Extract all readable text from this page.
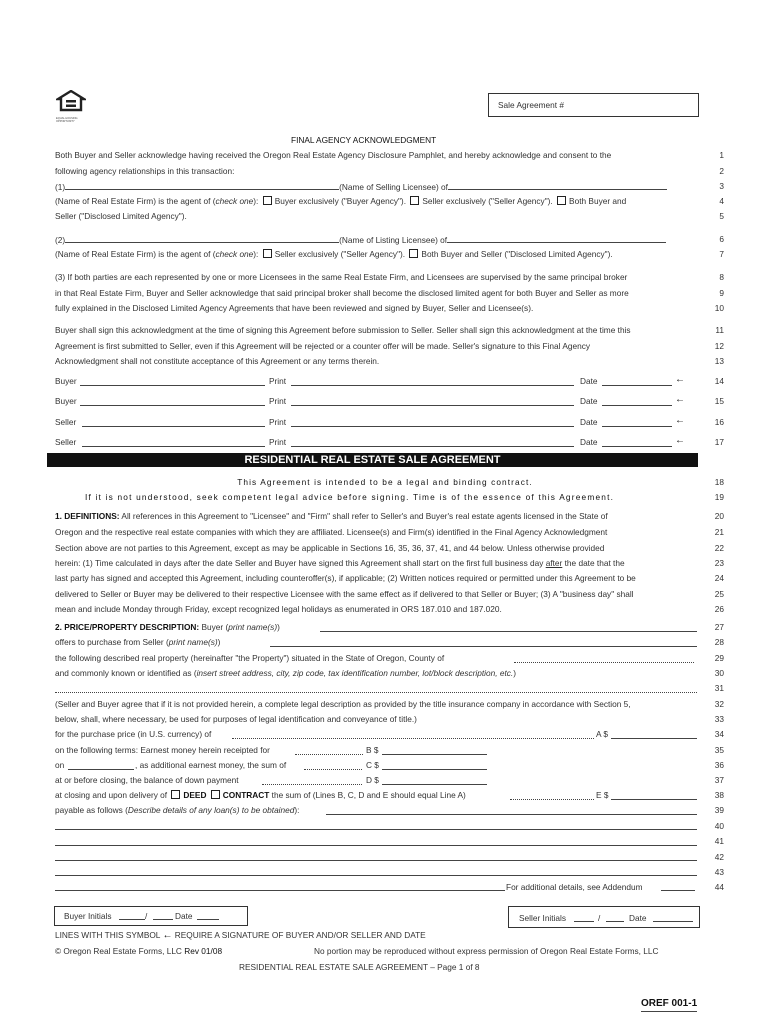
EQUAL HOUSING OPPORTUNITY
Sale Agreement #
FINAL AGENCY ACKNOWLEDGMENT
Both Buyer and Seller acknowledge having received the Oregon Real Estate Agency Disclosure Pamphlet, and hereby acknowledge and consent to the
following agency relationships in this transaction:
(1)	(Name of Selling Licensee) of
(Name of Real Estate Firm) is the agent of (check one): Buyer exclusively ("Buyer Agency"). Seller exclusively ("Seller Agency"). Both Buyer and
Seller ("Disclosed Limited Agency").
(2)	(Name of Listing Licensee) of
(Name of Real Estate Firm) is the agent of (check one): Seller exclusively ("Seller Agency"). Both Buyer and Seller ("Disclosed Limited Agency").
(3) If both parties are each represented by one or more Licensees in the same Real Estate Firm, and Licensees are supervised by the same principal broker
in that Real Estate Firm, Buyer and Seller acknowledge that said principal broker shall become the disclosed limited agent for both Buyer and Seller as more
fully explained in the Disclosed Limited Agency Agreements that have been reviewed and signed by Buyer, Seller and Licensee(s).
Buyer shall sign this acknowledgment at the time of signing this Agreement before submission to Seller. Seller shall sign this acknowledgment at the time this
Agreement is first submitted to Seller, even if this Agreement will be rejected or a counter offer will be made. Seller's signature to this Final Agency
Acknowledgment shall not constitute acceptance of this Agreement or any terms therein.
Buyer	Print	Date	←
Buyer	Print	Date	←
Seller	Print	Date	←
Seller	Print	Date	←
RESIDENTIAL REAL ESTATE SALE AGREEMENT
This Agreement is intended to be a legal and binding contract.
If it is not understood, seek competent legal advice before signing. Time is of the essence of this Agreement.
1. DEFINITIONS: All references in this Agreement to "Licensee" and "Firm" shall refer to Seller's and Buyer's real estate agents licensed in the State of
Oregon and the respective real estate companies with which they are affiliated. Licensee(s) and Firm(s) identified in the Final Agency Acknowledgment
Section above are not parties to this Agreement, except as may be applicable in Sections 16, 35, 36, 37, 41, and 44 below. Unless otherwise provided
herein: (1) Time calculated in days after the date Seller and Buyer have signed this Agreement shall start on the first full business day after the date that the
last party has signed and accepted this Agreement, including counteroffer(s), if applicable; (2) Written notices required or permitted under this Agreement to be
delivered to Seller or Buyer may be delivered to their respective Licensee with the same effect as if delivered to that Seller or Buyer; (3) A "business day" shall
mean and include Monday through Friday, except recognized legal holidays as enumerated in ORS 187.010 and 187.020.
2. PRICE/PROPERTY DESCRIPTION: Buyer (print name(s))
offers to purchase from Seller (print name(s))
the following described real property (hereinafter "the Property") situated in the State of Oregon, County of
and commonly known or identified as (insert street address, city, zip code, tax identification number, lot/block description, etc.)
(Seller and Buyer agree that if it is not provided herein, a complete legal description as provided by the title insurance company in accordance with Section 5,
below, shall, where necessary, be used for purposes of legal identification and conveyance of title.)
for the purchase price (in U.S. currency) of	A $
on the following terms: Earnest money herein receipted for	B $
on	, as additional earnest money, the sum of	C $
at or before closing, the balance of down payment	D $
at closing and upon delivery of DEED CONTRACT the sum of (Lines B, C, D and E should equal Line A)	E $
payable as follows (Describe details of any loan(s) to be obtained):
For additional details, see Addendum
1
2
3
4
5
6
7
8
9
10
11
12
13
14
15
16
17
18
19
20
21
22
23
24
25
26
27
28
29
30
31
32
33
34
35
36
37
38
39
40
41
42
43
44
Buyer Initials	/	Date	Seller Initials	/	Date
LINES WITH THIS SYMBOL ← REQUIRE A SIGNATURE OF BUYER AND/OR SELLER AND DATE
© Oregon Real Estate Forms, LLC Rev 01/08	No portion may be reproduced without express permission of Oregon Real Estate Forms, LLC
RESIDENTIAL REAL ESTATE SALE AGREEMENT – Page 1 of 8
OREF 001-1
